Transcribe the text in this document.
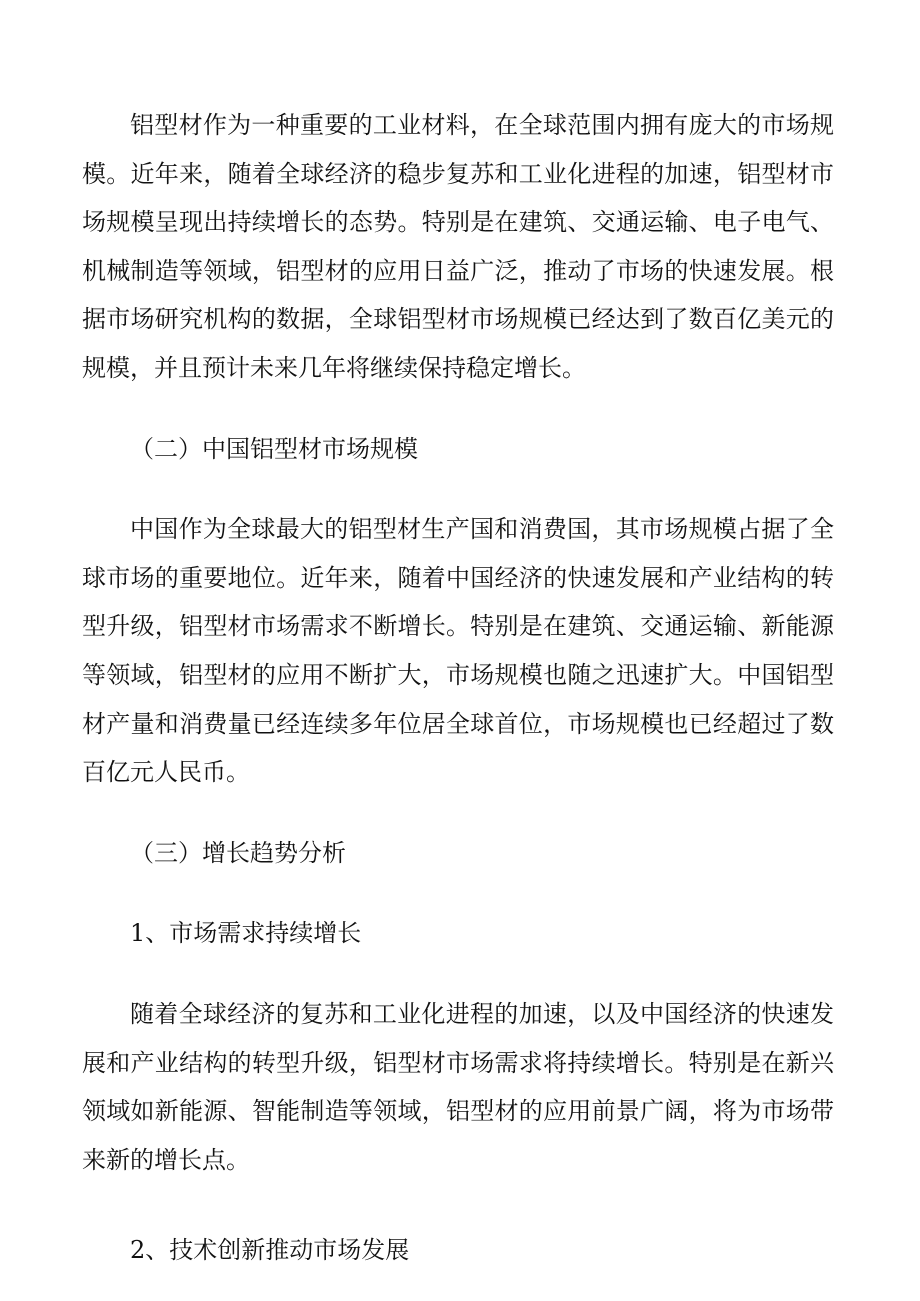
铝型材作为一种重要的工业材料，在全球范围内拥有庞大的市场规模。近年来，随着全球经济的稳步复苏和工业化进程的加速，铝型材市场规模呈现出持续增长的态势。特别是在建筑、交通运输、电子电气、机械制造等领域，铝型材的应用日益广泛，推动了市场的快速发展。根据市场研究机构的数据，全球铝型材市场规模已经达到了数百亿美元的规模，并且预计未来几年将继续保持稳定增长。

（二）中国铝型材市场规模

中国作为全球最大的铝型材生产国和消费国，其市场规模占据了全球市场的重要地位。近年来，随着中国经济的快速发展和产业结构的转型升级，铝型材市场需求不断增长。特别是在建筑、交通运输、新能源等领域，铝型材的应用不断扩大，市场规模也随之迅速扩大。中国铝型材产量和消费量已经连续多年位居全球首位，市场规模也已经超过了数百亿元人民币。

（三）增长趋势分析

1、市场需求持续增长

随着全球经济的复苏和工业化进程的加速，以及中国经济的快速发展和产业结构的转型升级，铝型材市场需求将持续增长。特别是在新兴领域如新能源、智能制造等领域，铝型材的应用前景广阔，将为市场带来新的增长点。

2、技术创新推动市场发展
